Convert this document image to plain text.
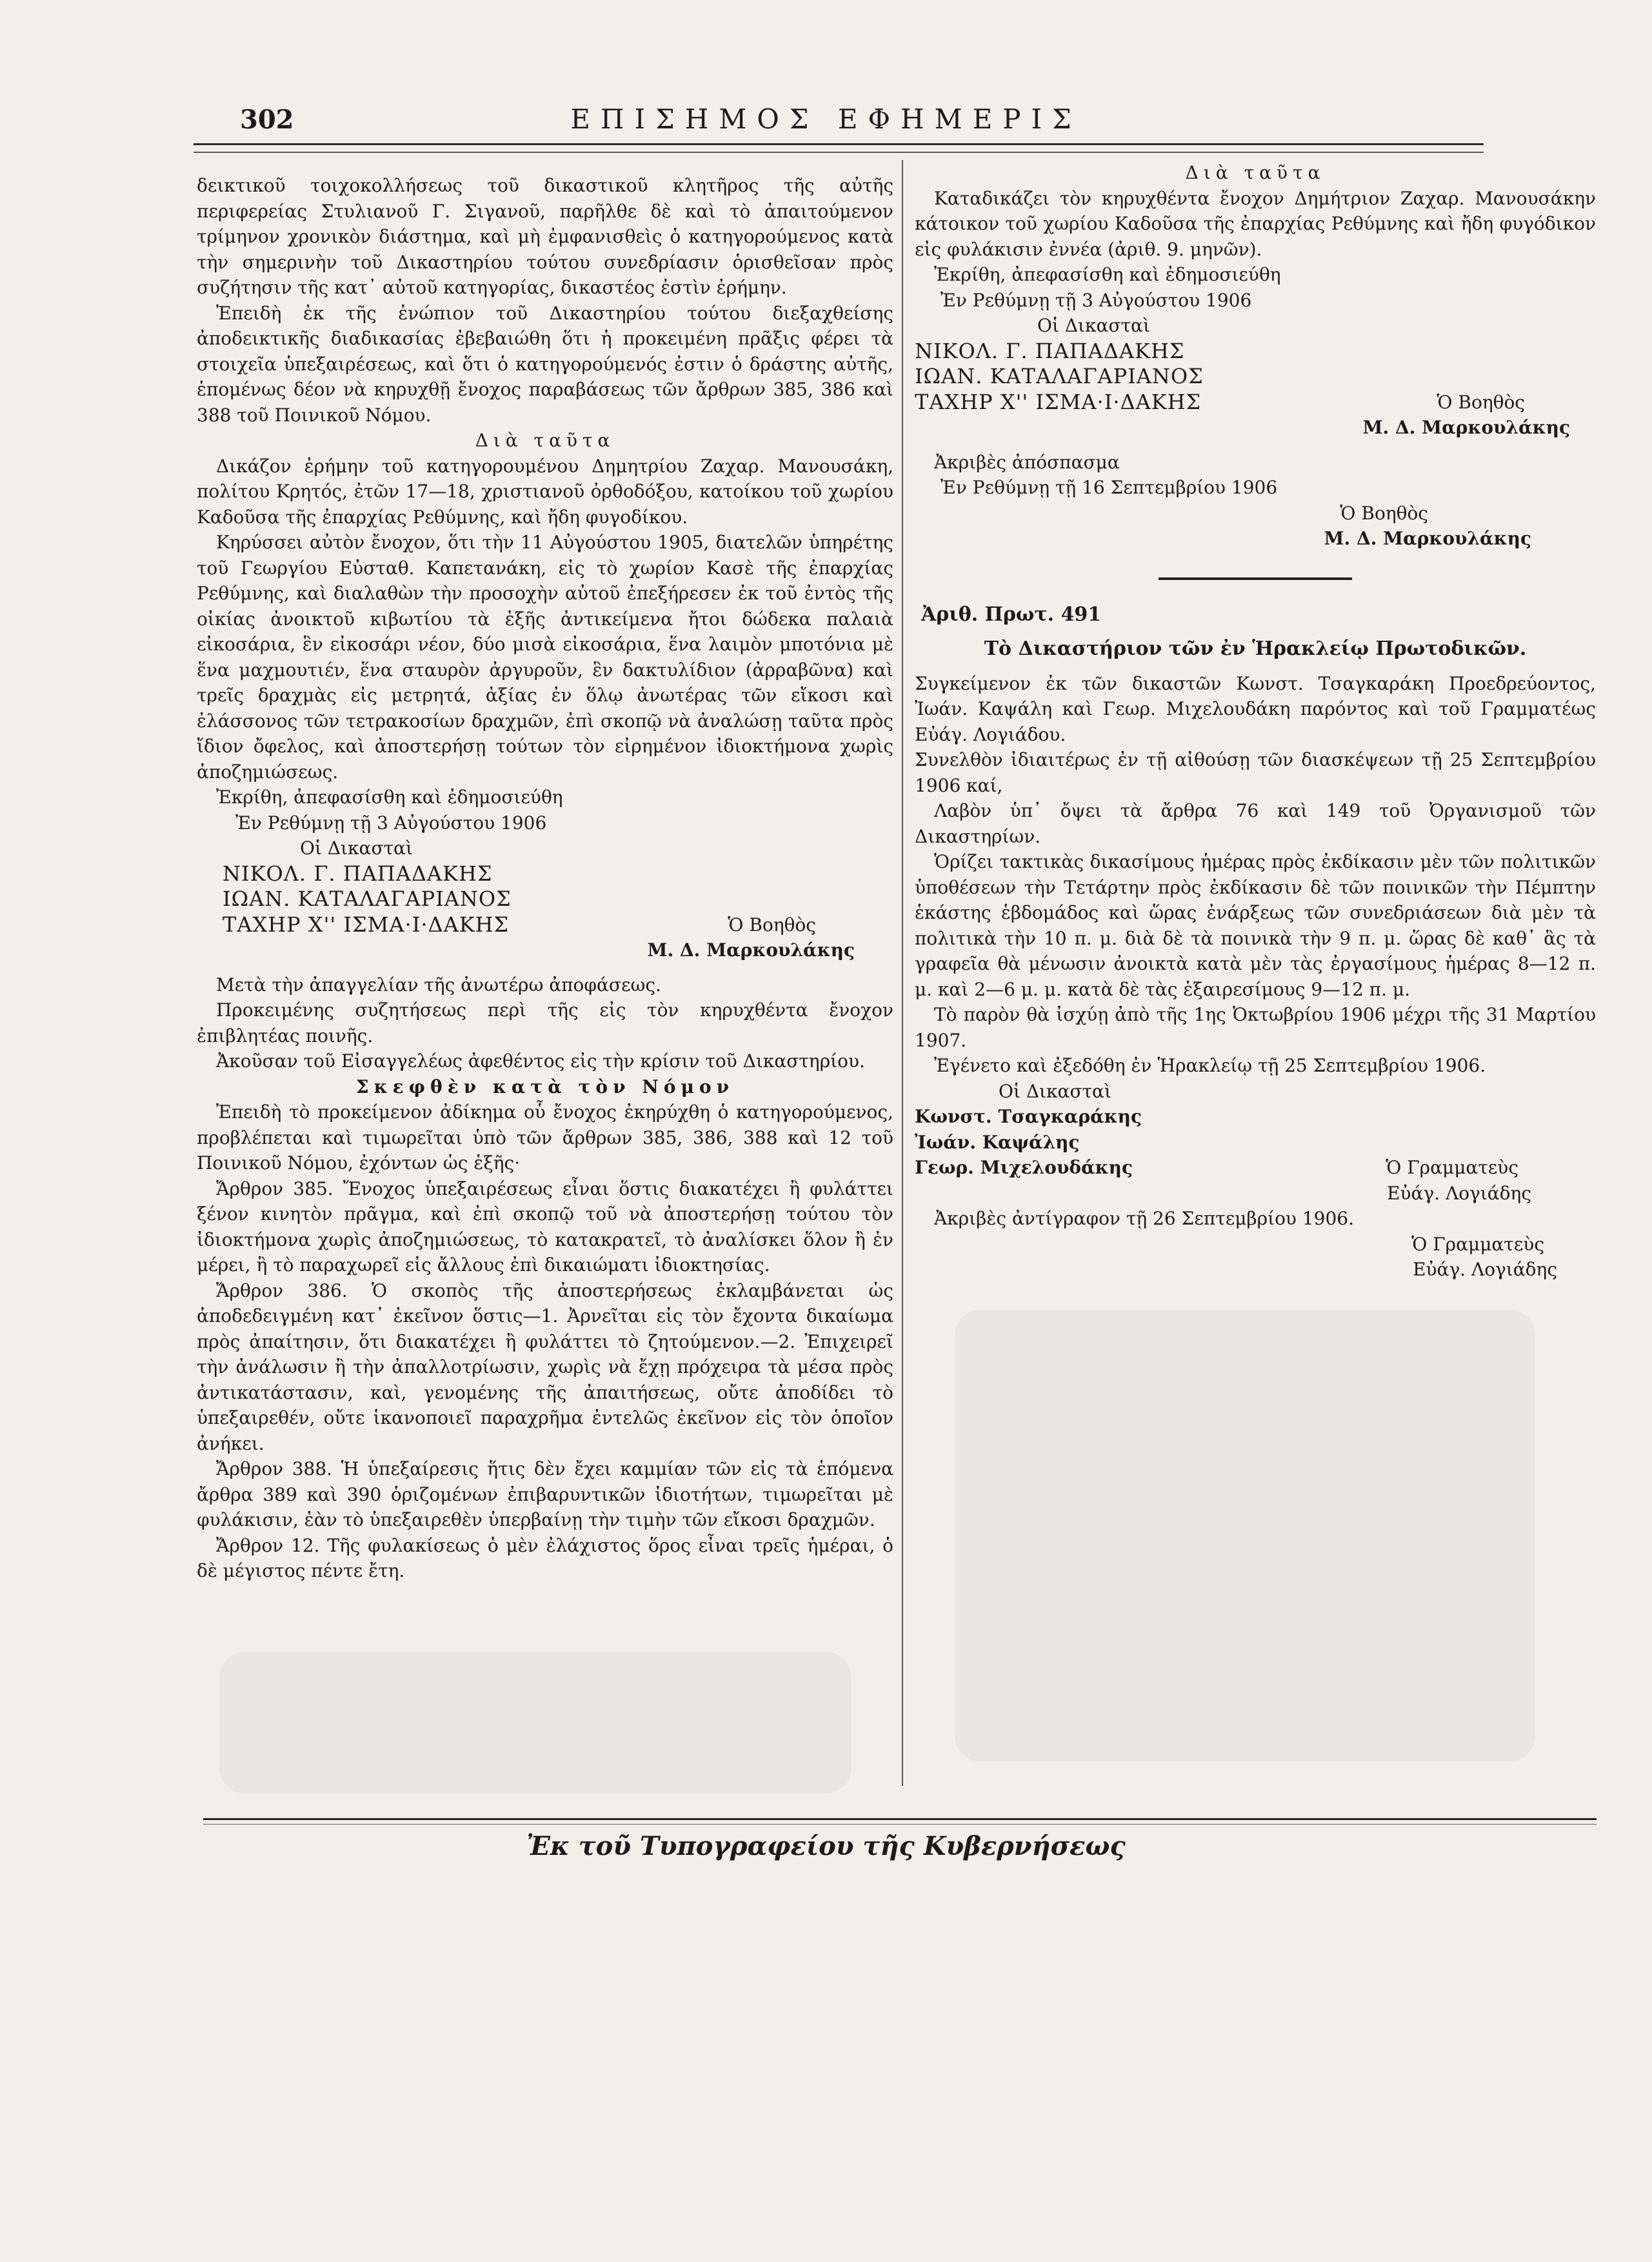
302	ΕΠΙΣΗΜΟΣ ΕΦΗΜΕΡΙΣ

δεικτικοῦ τοιχοκολλήσεως τοῦ δικαστικοῦ κλητῆρος τῆς αὐτῆς περιφερείας Στυλιανοῦ Γ. Σιγανοῦ, παρῆλθε δὲ καὶ τὸ ἀπαιτούμενον τρίμηνον χρονικὸν διάστημα, καὶ μὴ ἐμφανισθεὶς ὁ κατηγορούμενος κατὰ τὴν σημερινὴν τοῦ Δικαστηρίου τούτου συνεδρίασιν ὁρισθεῖσαν πρὸς συζήτησιν τῆς κατ᾿ αὐτοῦ κατηγορίας, δικαστέος ἐστὶν ἐρήμην.

Ἐπειδὴ ἐκ τῆς ἐνώπιον τοῦ Δικαστηρίου τούτου διεξαχθείσης ἀποδεικτικῆς διαδικασίας ἐβεβαιώθη ὅτι ἡ προκειμένη πρᾶξις φέρει τὰ στοιχεῖα ὑπεξαιρέσεως, καὶ ὅτι ὁ κατηγορούμενός ἐστιν ὁ δράστης αὐτῆς, ἑπομένως δέον νὰ κηρυχθῇ ἔνοχος παραβάσεως τῶν ἄρθρων 385, 386 καὶ 388 τοῦ Ποινικοῦ Νόμου.

Διὰ ταῦτα

Δικάζον ἐρήμην τοῦ κατηγορουμένου Δημητρίου Ζαχαρ. Μανουσάκη, πολίτου Κρητός, ἐτῶν 17—18, χριστιανοῦ ὀρθοδόξου, κατοίκου τοῦ χωρίου Καδοῦσα τῆς ἐπαρχίας Ρεθύμνης, καὶ ἤδη φυγοδίκου.

Κηρύσσει αὐτὸν ἔνοχον, ὅτι τὴν 11 Αὐγούστου 1905, διατελῶν ὑπηρέτης τοῦ Γεωργίου Εὐσταθ. Καπετανάκη, εἰς τὸ χωρίον Κασὲ τῆς ἐπαρχίας Ρεθύμνης, καὶ διαλαθὼν τὴν προσοχὴν αὐτοῦ ἐπεξήρεσεν ἐκ τοῦ ἐντὸς τῆς οἰκίας ἀνοικτοῦ κιβωτίου τὰ ἑξῆς ἀντικείμενα ἤτοι δώδεκα παλαιὰ εἰκοσάρια, ἓν εἰκοσάρι νέον, δύο μισὰ εἰκοσάρια, ἕνα λαιμὸν μποτόνια μὲ ἕνα μαχμουτιέν, ἕνα σταυρὸν ἀργυροῦν, ἓν δακτυλίδιον (ἀρραβῶνα) καὶ τρεῖς δραχμὰς εἰς μετρητά, ἀξίας ἐν ὅλῳ ἀνωτέρας τῶν εἴκοσι καὶ ἐλάσσονος τῶν τετρακοσίων δραχμῶν, ἐπὶ σκοπῷ νὰ ἀναλώσῃ ταῦτα πρὸς ἴδιον ὄφελος, καὶ ἀποστερήσῃ τούτων τὸν εἰρημένον ἰδιοκτήμονα χωρὶς ἀποζημιώσεως.

Ἐκρίθη, ἀπεφασίσθη καὶ ἐδημοσιεύθη

Ἐν Ρεθύμνῃ τῇ 3 Αὐγούστου 1906

Οἱ Δικασταὶ

ΝΙΚΟΛ. Γ. ΠΑΠΑΔΑΚΗΣ

ΙΩΑΝ. ΚΑΤΑΛΑΓΑΡΙΑΝΟΣ

ΤΑΧΗΡ Χ'' ΙΣΜΑ·Ι·ΔΑΚΗΣ	Ὁ Βοηθὸς

Μ. Δ. Μαρκουλάκης

Μετὰ τὴν ἀπαγγελίαν τῆς ἀνωτέρω ἀποφάσεως.

Προκειμένης συζητήσεως περὶ τῆς εἰς τὸν κηρυχθέντα ἔνοχον ἐπιβλητέας ποινῆς.

Ἀκοῦσαν τοῦ Εἰσαγγελέως ἀφεθέντος εἰς τὴν κρίσιν τοῦ Δικαστηρίου.

Σκεφθὲν κατὰ τὸν Νόμον

Ἐπειδὴ τὸ προκείμενον ἀδίκημα οὗ ἔνοχος ἐκηρύχθη ὁ κατηγορούμενος, προβλέπεται καὶ τιμωρεῖται ὑπὸ τῶν ἄρθρων 385, 386, 388 καὶ 12 τοῦ Ποινικοῦ Νόμου, ἐχόντων ὡς ἑξῆς·

Ἄρθρον 385. Ἔνοχος ὑπεξαιρέσεως εἶναι ὅστις διακατέχει ἢ φυλάττει ξένον κινητὸν πρᾶγμα, καὶ ἐπὶ σκοπῷ τοῦ νὰ ἀποστερήσῃ τούτου τὸν ἰδιοκτήμονα χωρὶς ἀποζημιώσεως, τὸ κατακρατεῖ, τὸ ἀναλίσκει ὅλον ἢ ἐν μέρει, ἢ τὸ παραχωρεῖ εἰς ἄλλους ἐπὶ δικαιώματι ἰδιοκτησίας.

Ἄρθρον 386. Ὁ σκοπὸς τῆς ἀποστερήσεως ἐκλαμβάνεται ὡς ἀποδεδειγμένη κατ᾿ ἐκεῖνον ὅστις—1. Ἀρνεῖται εἰς τὸν ἔχοντα δικαίωμα πρὸς ἀπαίτησιν, ὅτι διακατέχει ἢ φυλάττει τὸ ζητούμενον.—2. Ἐπιχειρεῖ τὴν ἀνάλωσιν ἢ τὴν ἀπαλλοτρίωσιν, χωρὶς νὰ ἔχῃ πρόχειρα τὰ μέσα πρὸς ἀντικατάστασιν, καὶ, γενομένης τῆς ἀπαιτήσεως, οὔτε ἀποδίδει τὸ ὑπεξαιρεθέν, οὔτε ἱκανοποιεῖ παραχρῆμα ἐντελῶς ἐκεῖνον εἰς τὸν ὁποῖον ἀνήκει.

Ἄρθρον 388. Ἡ ὑπεξαίρεσις ἥτις δὲν ἔχει καμμίαν τῶν εἰς τὰ ἑπόμενα ἄρθρα 389 καὶ 390 ὁριζομένων ἐπιβαρυντικῶν ἰδιοτήτων, τιμωρεῖται μὲ φυλάκισιν, ἐὰν τὸ ὑπεξαιρεθὲν ὑπερβαίνῃ τὴν τιμὴν τῶν εἴκοσι δραχμῶν.

Ἄρθρον 12. Τῆς φυλακίσεως ὁ μὲν ἐλάχιστος ὅρος εἶναι τρεῖς ἡμέραι, ὁ δὲ μέγιστος πέντε ἔτη.

Διὰ ταῦτα

Καταδικάζει τὸν κηρυχθέντα ἔνοχον Δημήτριον Ζαχαρ. Μανουσάκην κάτοικον τοῦ χωρίου Καδοῦσα τῆς ἐπαρχίας Ρεθύμνης καὶ ἤδη φυγόδικον εἰς φυλάκισιν ἐννέα (ἀριθ. 9. μηνῶν).

Ἐκρίθη, ἀπεφασίσθη καὶ ἐδημοσιεύθη

Ἐν Ρεθύμνῃ τῇ 3 Αὐγούστου 1906

Οἱ Δικασταὶ

ΝΙΚΟΛ. Γ. ΠΑΠΑΔΑΚΗΣ

ΙΩΑΝ. ΚΑΤΑΛΑΓΑΡΙΑΝΟΣ

ΤΑΧΗΡ Χ'' ΙΣΜΑ·Ι·ΔΑΚΗΣ	Ὁ Βοηθὸς

Μ. Δ. Μαρκουλάκης

Ἀκριβὲς ἀπόσπασμα

Ἐν Ρεθύμνῃ τῇ 16 Σεπτεμβρίου 1906

Ὁ Βοηθὸς

Μ. Δ. Μαρκουλάκης

Ἀριθ. Πρωτ. 491

Τὸ Δικαστήριον τῶν ἐν Ἡρακλείῳ Πρωτοδικῶν.

Συγκείμενον ἐκ τῶν δικαστῶν Κωνστ. Τσαγκαράκη Προεδρεύοντος, Ἰωάν. Καψάλη καὶ Γεωρ. Μιχελουδάκη παρόντος καὶ τοῦ Γραμματέως Εὐάγ. Λογιάδου.

Συνελθὸν ἰδιαιτέρως ἐν τῇ αἰθούσῃ τῶν διασκέψεων τῇ 25 Σεπτεμβρίου 1906 καί,

Λαβὸν ὑπ᾿ ὄψει τὰ ἄρθρα 76 καὶ 149 τοῦ Ὀργανισμοῦ τῶν Δικαστηρίων.

Ὁρίζει τακτικὰς δικασίμους ἡμέρας πρὸς ἐκδίκασιν μὲν τῶν πολιτικῶν ὑποθέσεων τὴν Τετάρτην πρὸς ἐκδίκασιν δὲ τῶν ποινικῶν τὴν Πέμπτην ἑκάστης ἑβδομάδος καὶ ὥρας ἐνάρξεως τῶν συνεδριάσεων διὰ μὲν τὰ πολιτικὰ τὴν 10 π. μ. διὰ δὲ τὰ ποινικὰ τὴν 9 π. μ. ὥρας δὲ καθ᾿ ἃς τὰ γραφεῖα θὰ μένωσιν ἀνοικτὰ κατὰ μὲν τὰς ἐργασίμους ἡμέρας 8—12 π. μ. καὶ 2—6 μ. μ. κατὰ δὲ τὰς ἑξαιρεσίμους 9—12 π. μ.

Τὸ παρὸν θὰ ἰσχύῃ ἀπὸ τῆς 1ης Ὀκτωβρίου 1906 μέχρι τῆς 31 Μαρτίου 1907.

Ἐγένετο καὶ ἐξεδόθη ἐν Ἡρακλείῳ τῇ 25 Σεπτεμβρίου 1906.

Οἱ Δικασταὶ

Κωνστ. Τσαγκαράκης

Ἰωάν. Καψάλης

Γεωρ. Μιχελουδάκης	Ὁ Γραμματεὺς

Εὐάγ. Λογιάδης

Ἀκριβὲς ἀντίγραφον τῇ 26 Σεπτεμβρίου 1906.

Ὁ Γραμματεὺς

Εὐάγ. Λογιάδης

Ἐκ τοῦ Τυπογραφείου τῆς Κυβερνήσεως
